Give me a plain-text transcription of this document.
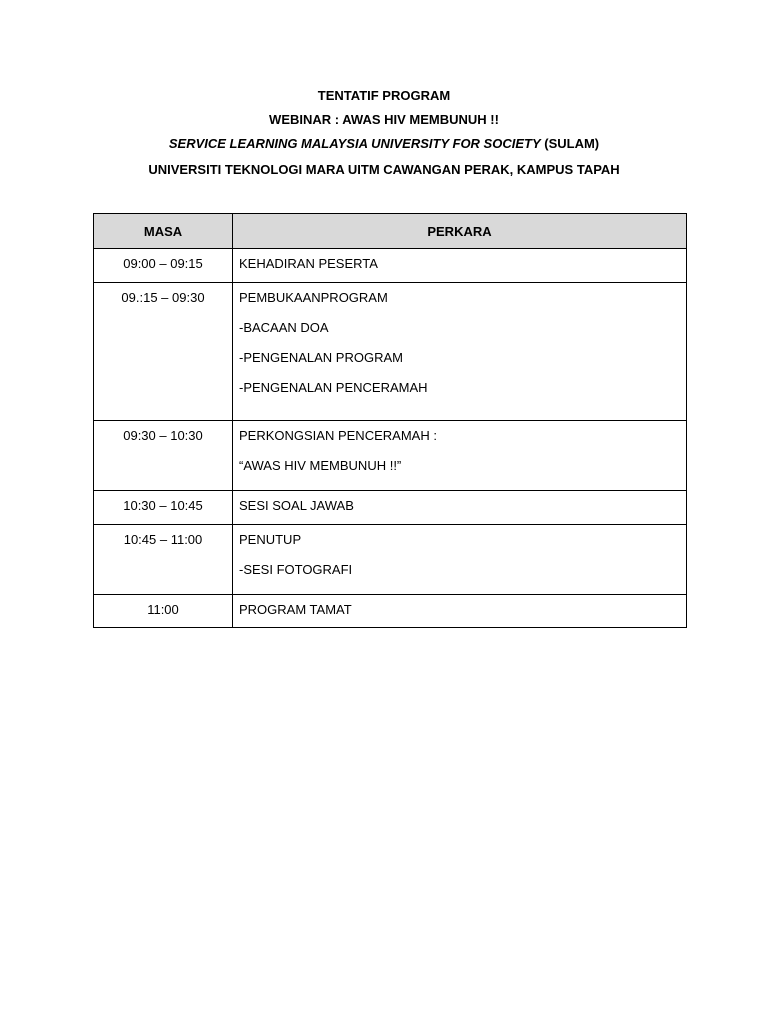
TENTATIF PROGRAM
WEBINAR : AWAS HIV MEMBUNUH !!
SERVICE LEARNING MALAYSIA UNIVERSITY FOR SOCIETY (SULAM)
UNIVERSITI TEKNOLOGI MARA UITM CAWANGAN PERAK, KAMPUS TAPAH
MASA	PERKARA

09:00 – 09:15	KEHADIRAN PESERTA

09.:15 – 09:30	PEMBUKAANPROGRAM
-BACAAN DOA
-PENGENALAN PROGRAM
-PENGENALAN PENCERAMAH

09:30 – 10:30	PERKONGSIAN PENCERAMAH :
“AWAS HIV MEMBUNUH !!”

10:30 – 10:45	SESI SOAL JAWAB

10:45 – 11:00	PENUTUP
-SESI FOTOGRAFI

11:00	PROGRAM TAMAT
